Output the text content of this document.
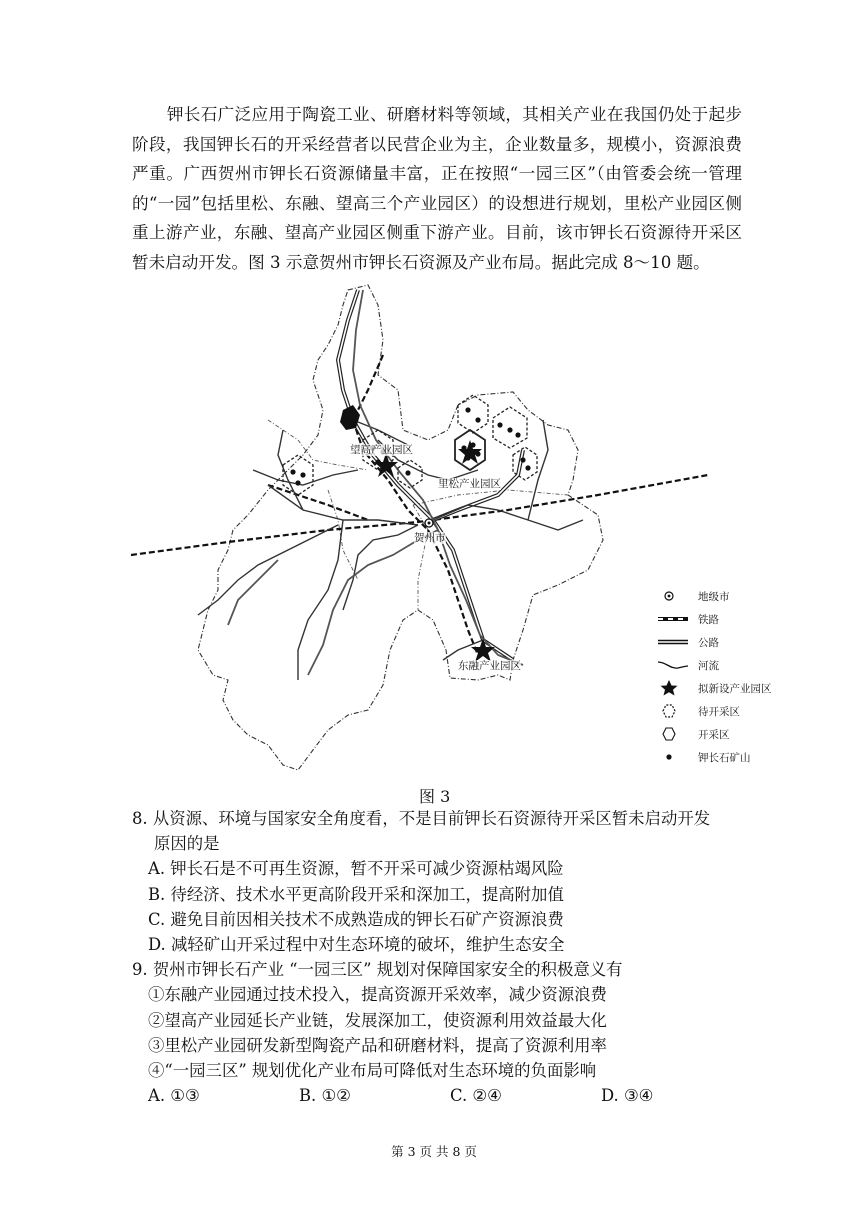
钾长石广泛应用于陶瓷工业、研磨材料等领域，其相关产业在我国仍处于起步阶段，我国钾长石的开采经营者以民营企业为主，企业数量多，规模小，资源浪费严重。广西贺州市钾长石资源储量丰富，正在按照“一园三区”（由管委会统一管理的“一园”包括里松、东融、望高三个产业园区）的设想进行规划，里松产业园区侧重上游产业，东融、望高产业园区侧重下游产业。目前，该市钾长石资源待开采区暂未启动开发。图 3 示意贺州市钾长石资源及产业布局。据此完成 8～10 题。

望高产业园区
里松产业园区
贺州市
东融产业园区
地级市
铁路
公路
河流
拟新设产业园区
待开采区
开采区
钾长石矿山
图 3

8. 从资源、环境与国家安全角度看，不是目前钾长石资源待开采区暂未启动开发

原因的是

A. 钾长石是不可再生资源，暂不开采可减少资源枯竭风险

B. 待经济、技术水平更高阶段开采和深加工，提高附加值

C. 避免目前因相关技术不成熟造成的钾长石矿产资源浪费

D. 减轻矿山开采过程中对生态环境的破坏，维护生态安全

9. 贺州市钾长石产业 “一园三区” 规划对保障国家安全的积极意义有

①东融产业园通过技术投入，提高资源开采效率，减少资源浪费

②望高产业园延长产业链，发展深加工，使资源利用效益最大化

③里松产业园研发新型陶瓷产品和研磨材料，提高了资源利用率

④“一园三区” 规划优化产业布局可降低对生态环境的负面影响

A. ①③	B. ①②	C. ②④	D. ③④
第 3 页 共 8 页
